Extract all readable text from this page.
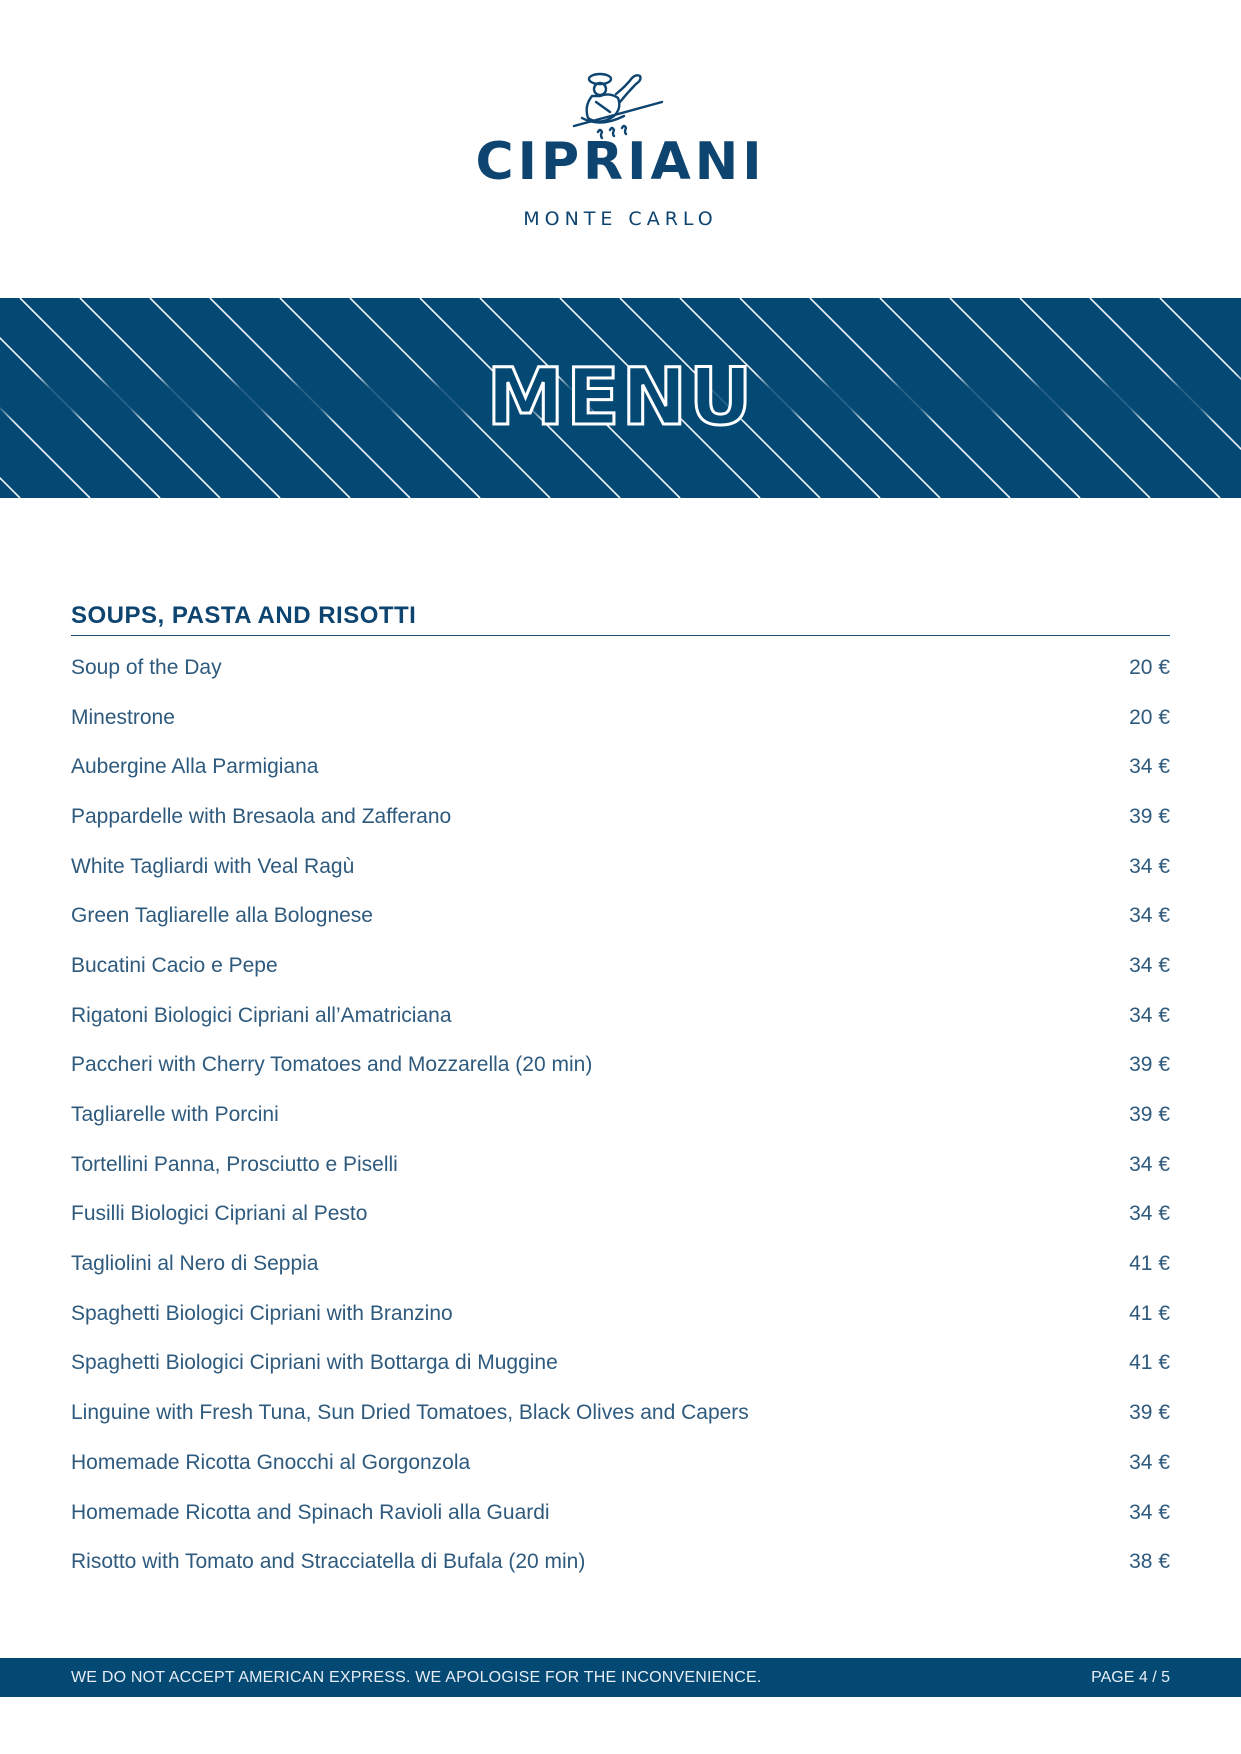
CIPRIANI
MONTE CARLO
MENU
SOUPS, PASTA AND RISOTTI
Soup of the Day	20 €
Minestrone	20 €
Aubergine Alla Parmigiana	34 €
Pappardelle with Bresaola and Zafferano	39 €
White Tagliardi with Veal Ragù	34 €
Green Tagliarelle alla Bolognese	34 €
Bucatini Cacio e Pepe	34 €
Rigatoni Biologici Cipriani all’Amatriciana	34 €
Paccheri with Cherry Tomatoes and Mozzarella (20 min)	39 €
Tagliarelle with Porcini	39 €
Tortellini Panna, Prosciutto e Piselli	34 €
Fusilli Biologici Cipriani al Pesto	34 €
Tagliolini al Nero di Seppia	41 €
Spaghetti Biologici Cipriani with Branzino	41 €
Spaghetti Biologici Cipriani with Bottarga di Muggine	41 €
Linguine with Fresh Tuna, Sun Dried Tomatoes, Black Olives and Capers	39 €
Homemade Ricotta Gnocchi al Gorgonzola	34 €
Homemade Ricotta and Spinach Ravioli alla Guardi	34 €
Risotto with Tomato and Stracciatella di Bufala (20 min)	38 €
WE DO NOT ACCEPT AMERICAN EXPRESS. WE APOLOGISE FOR THE INCONVENIENCE.	PAGE 4 / 5
